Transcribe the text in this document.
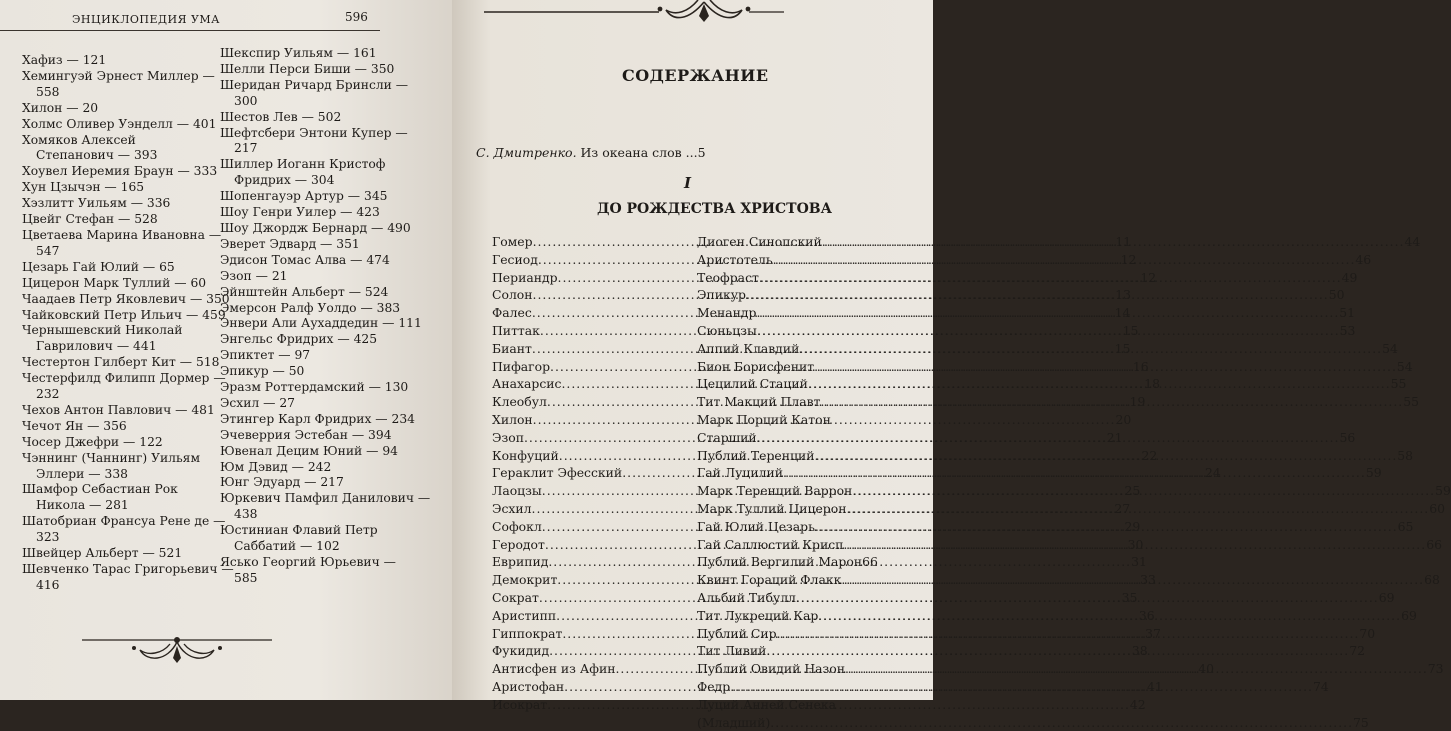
ЭНЦИКЛОПЕДИЯ УМА	596
Хафиз — 121
Хемингуэй Эрнест Миллер —
558
Хилон — 20
Холмс Оливер Уэнделл — 401
Хомяков Алексей
Степанович — 393
Хоувел Иеремия Браун — 333
Хун Цзычэн — 165
Хэзлитт Уильям — 336
Цвейг Стефан — 528
Цветаева Марина Ивановна —
547
Цезарь Гай Юлий — 65
Цицерон Марк Туллий — 60
Чаадаев Петр Яковлевич — 350
Чайковский Петр Ильич — 459
Чернышевский Николай
Гаврилович — 441
Честертон Гилберт Кит — 518
Честерфилд Филипп Дормер —
232
Чехов Антон Павлович — 481
Чечот Ян — 356
Чосер Джефри — 122
Чэннинг (Чаннинг) Уильям
Эллери — 338
Шамфор Себастиан Рок
Никола — 281
Шатобриан Франсуа Рене де —
323
Швейцер Альберт — 521
Шевченко Тарас Григорьевич —
416
Шекспир Уильям — 161
Шелли Перси Биши — 350
Шеридан Ричард Бринсли —
300
Шестов Лев — 502
Шефтсбери Энтони Купер —
217
Шиллер Иоганн Кристоф
Фридрих — 304
Шопенгауэр Артур — 345
Шоу Генри Уилер — 423
Шоу Джордж Бернард — 490
Эверет Эдвард — 351
Эдисон Томас Алва — 474
Эзоп — 21
Эйнштейн Альберт — 524
Эмерсон Ралф Уолдо — 383
Энвери Али Аухаддедин — 111
Энгельс Фридрих — 425
Эпиктет — 97
Эпикур — 50
Эразм Роттердамский — 130
Эсхил — 27
Этингер Карл Фридрих — 234
Эчеверрия Эстебан — 394
Ювенал Децим Юний — 94
Юм Дэвид — 242
Юнг Эдуард — 217
Юркевич Памфил Данилович —
438
Юстиниан Флавий Петр
Саббатий — 102
Ясько Георгий Юрьевич —
585
СОДЕРЖАНИЕ
С. Дмитренко. Из океана слов ...5
I
ДО РОЖДЕСТВА ХРИСТОВА
Гомер .....	11
Гесиод .....	12
Периандр .....	12
Солон .....	13
Фалес .....	14
Питтак .....	15
Биант .....	15
Пифагор .....	16
Анахарсис .....	18
Клеобул .....	19
Хилон .....	20
Эзоп .....	21
Конфуций .....	22
Гераклит Эфесский .....	24
Лаоцзы .....	25
Эсхил .....	27
Софокл .....	29
Геродот .....	30
Еврипид .....	31
Демокрит .....	33
Сократ .....	35
Аристипп .....	36
Гиппократ .....	37
Фукидид .....	38
Антисфен из Афин .....	40
Аристофан .....	41
Исократ .....	42
Диоген Синопский .....	44
Аристотель .....	46
Теофраст .....	49
Эпикур .....	50
Менандр .....	51
Сюньцзы .....	53
Аппий Клавдий .....	54
Бион Борисфенит .....	54
Цецилий Стаций .....	55
Тит Макций Плавт .....	55
Марк Порций Катон
Старший .....	56
Публий Теренций .....	58
Гай Луцилий .....	59
Марк Теренций Варрон .....	59
Марк Туллий Цицерон .....	60
Гай Юлий Цезарь .....	65
Гай Саллюстий Крисп .....	66
Публий Вергилий Марон 66
Квинт Гораций Флакк .....	68
Альбий Тибулл .....	69
Тит Лукреций Кар .....	69
Публий Сир .....	70
Тит Ливий .....	72
Публий Овидий Назон .....	73
Федр .....	74
Луций Анней Сенека
(Младший) .....	75
